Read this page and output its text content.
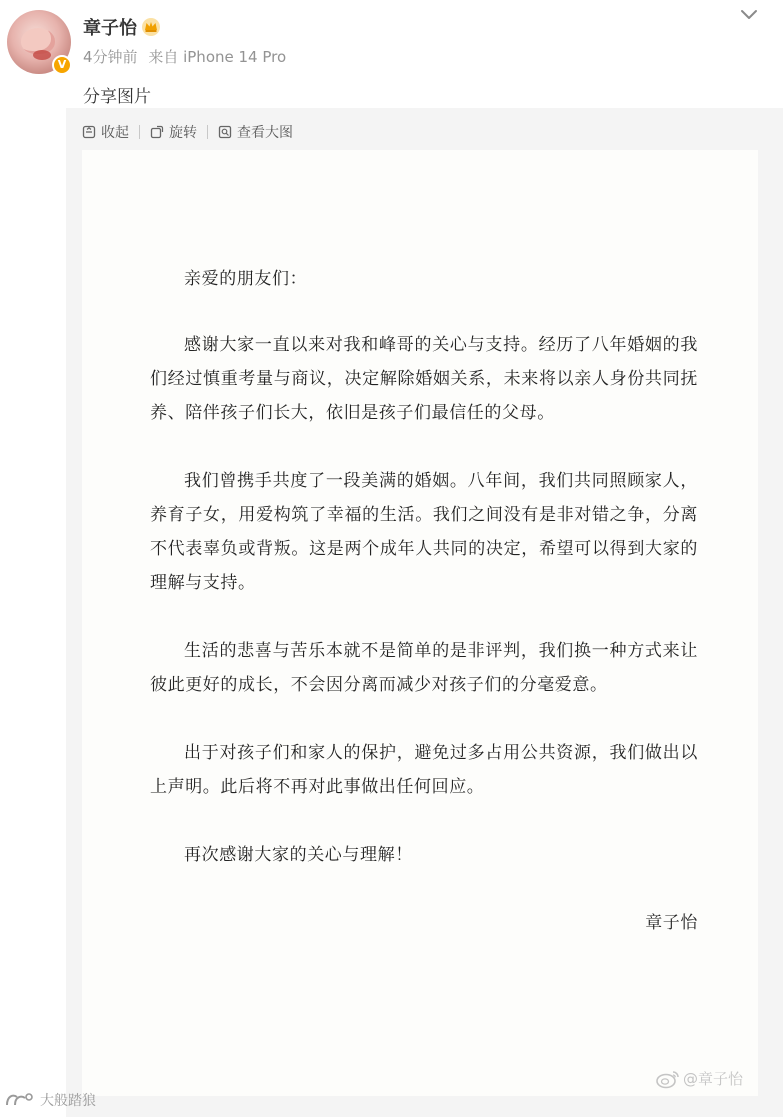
V
章子怡
4分钟前 来自 iPhone 14 Pro
分享图片
收起	旋转	查看大图

亲爱的朋友们：

感谢大家一直以来对我和峰哥的关心与支持。经历了八年婚姻的我们经过慎重考量与商议，决定解除婚姻关系，未来将以亲人身份共同抚养、陪伴孩子们长大，依旧是孩子们最信任的父母。

我们曾携手共度了一段美满的婚姻。八年间，我们共同照顾家人，养育子女，用爱构筑了幸福的生活。我们之间没有是非对错之争，分离不代表辜负或背叛。这是两个成年人共同的决定，希望可以得到大家的理解与支持。

生活的悲喜与苦乐本就不是简单的是非评判，我们换一种方式来让彼此更好的成长，不会因分离而减少对孩子们的分毫爱意。

出于对孩子们和家人的保护，避免过多占用公共资源，我们做出以上声明。此后将不再对此事做出任何回应。

再次感谢大家的关心与理解！

章子怡

@章子怡
大般踏狼
